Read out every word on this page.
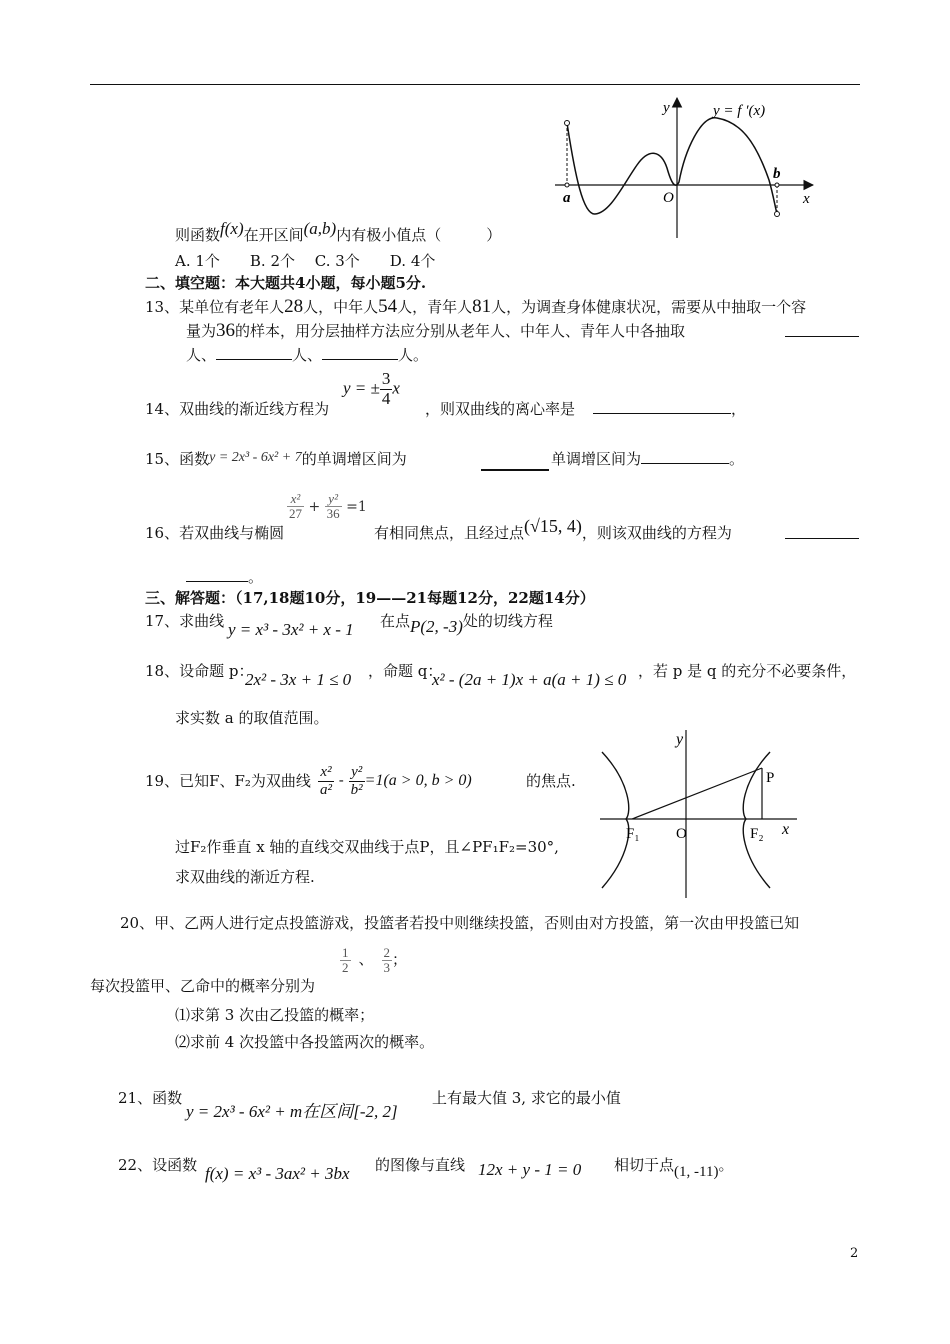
y
x
y = f ′(x)
a
b
O
则函数f(x)在开区间(a,b)内有极小值点（　　　）
A. 1个　　B. 2个　 C. 3个　　D. 4个
二、填空题：本大题共4小题，每小题5分.
13、某单位有老年人28人，中年人54人，青年人81人，为调查身体健康状况，需要从中抽取一个容
量为36的样本，用分层抽样方法应分别从老年人、中年人、青年人中各抽取
人、	人、	人。
y = ± $\frac{3}{4}$ x
14、双曲线的渐近线方程为	，则双曲线的离心率是	，
15、函数y = 2x³ - 6x² + 7的单调增区间为	单调增区间为	。
$\frac{\text{x²}}{27} + \frac{\text{y²}}{36} =1$
16、若双曲线与椭圆	有相同焦点，且经过点(√15, 4)，则该双曲线的方程为
。
三、解答题：（17,18题10分，19——21每题12分，22题14分）
17、求曲线 y = x³ - 3x² + x - 1 在点P(2, -3)处的切线方程
18、设命题 p：
2x² - 3x + 1 ≤ 0 ，命题 q：
x² - (2a + 1)x + a(a + 1) ≤ 0 ，若 p 是 q 的充分不必要条件，
求实数 a 的取值范围。
y
x
P
F₁ O	F₂
19、已知F、F₂为双曲线 $\frac{\text{x²}}{\text{a²}} - \frac{\text{y²}}{\text{b²}} =1(a > 0$, b > 0)	的焦点.
过F₂作垂直 x 轴的直线交双曲线于点P，且∠PF₁F₂=30°,
求双曲线的渐近方程.
20、甲、乙两人进行定点投篮游戏，投篮者若投中则继续投篮，否则由对方投篮，第一次由甲投篮已知
$\frac{1}{2}$ 、 $\frac{2}{3}$ ；
每次投篮甲、乙命中的概率分别为
⑴求第 3 次由乙投篮的概率；
⑵求前 4 次投篮中各投篮两次的概率。
21、函数
y = 2x³ - 6x² + m在区间[-2, 2]
上有最大值 3, 求它的最小值
22、设函数 f(x) = x³ - 3ax² + 3bx 的图像与直线 12x + y - 1 = 0 相切于点(1, -11)。
2
